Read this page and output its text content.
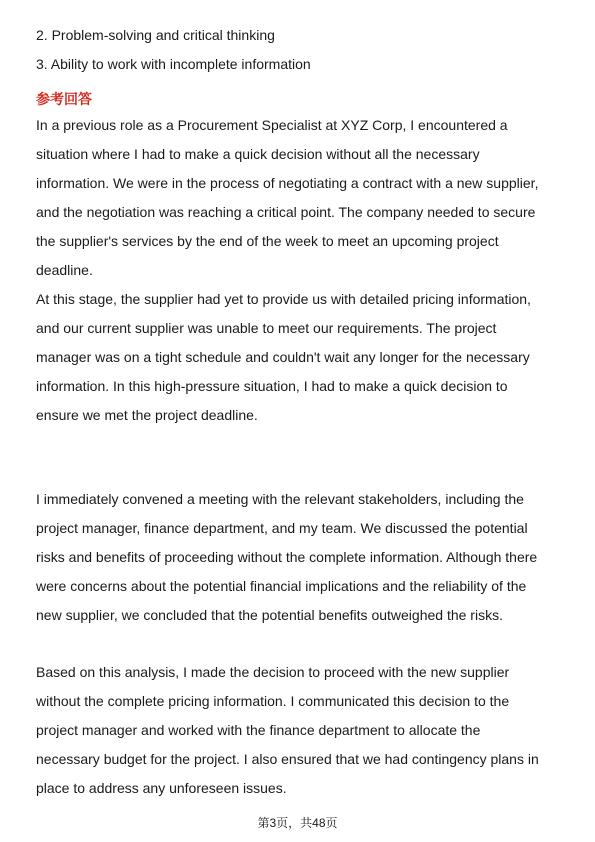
2. Problem-solving and critical thinking
3. Ability to work with incomplete information
参考回答
In a previous role as a Procurement Specialist at XYZ Corp, I encountered a
situation where I had to make a quick decision without all the necessary
information. We were in the process of negotiating a contract with a new supplier,
and the negotiation was reaching a critical point. The company needed to secure
the supplier's services by the end of the week to meet an upcoming project
deadline.
At this stage, the supplier had yet to provide us with detailed pricing information,
and our current supplier was unable to meet our requirements. The project
manager was on a tight schedule and couldn't wait any longer for the necessary
information. In this high-pressure situation, I had to make a quick decision to
ensure we met the project deadline.
I immediately convened a meeting with the relevant stakeholders, including the
project manager, finance department, and my team. We discussed the potential
risks and benefits of proceeding without the complete information. Although there
were concerns about the potential financial implications and the reliability of the
new supplier, we concluded that the potential benefits outweighed the risks.
Based on this analysis, I made the decision to proceed with the new supplier
without the complete pricing information. I communicated this decision to the
project manager and worked with the finance department to allocate the
necessary budget for the project. I also ensured that we had contingency plans in
place to address any unforeseen issues.
第3页，共48页
